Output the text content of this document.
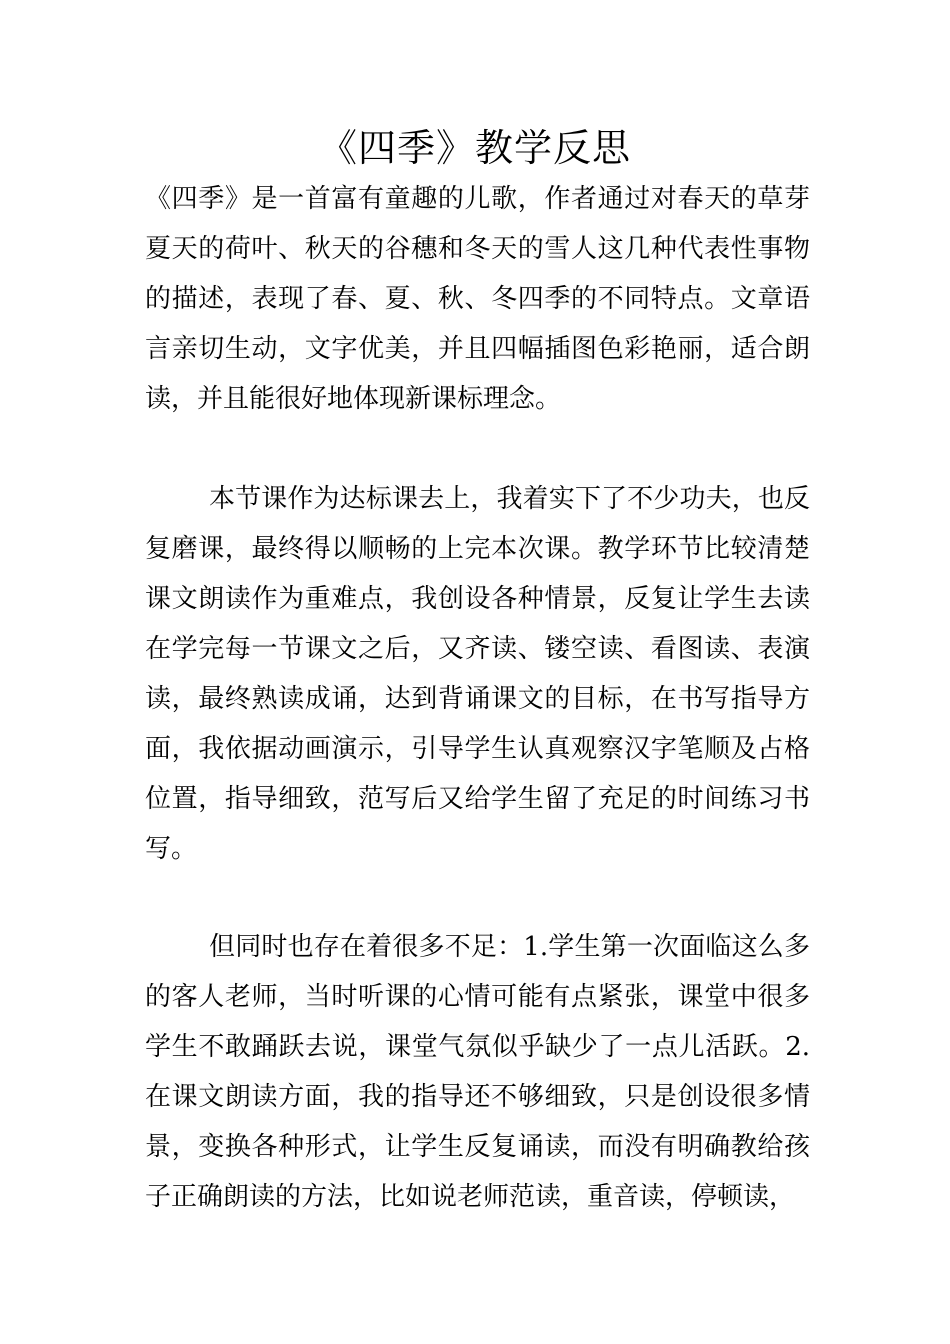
《四季》教学反思

《四季》是一首富有童趣的儿歌，作者通过对春天的草芽夏天的荷叶、秋天的谷穗和冬天的雪人这几种代表性事物的描述，表现了春、夏、秋、冬四季的不同特点。文章语言亲切生动，文字优美，并且四幅插图色彩艳丽，适合朗读，并且能很好地体现新课标理念。

本节课作为达标课去上，我着实下了不少功夫，也反复磨课，最终得以顺畅的上完本次课。教学环节比较清楚课文朗读作为重难点，我创设各种情景，反复让学生去读在学完每一节课文之后，又齐读、镂空读、看图读、表演读，最终熟读成诵，达到背诵课文的目标，在书写指导方面，我依据动画演示，引导学生认真观察汉字笔顺及占格位置，指导细致，范写后又给学生留了充足的时间练习书写。

但同时也存在着很多不足：1.学生第一次面临这么多的客人老师，当时听课的心情可能有点紧张，课堂中很多学生不敢踊跃去说，课堂气氛似乎缺少了一点儿活跃。2.在课文朗读方面，我的指导还不够细致，只是创设很多情景，变换各种形式，让学生反复诵读，而没有明确教给孩子正确朗读的方法，比如说老师范读，重音读，停顿读，
